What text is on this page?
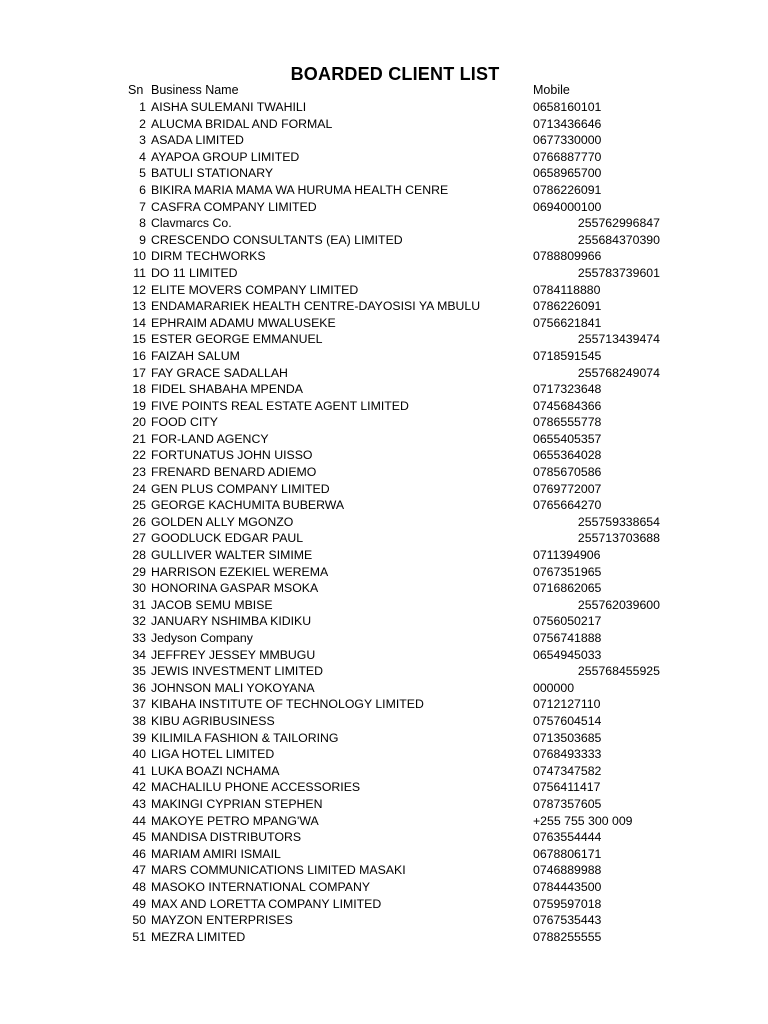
BOARDED CLIENT LIST
Sn Business Name	Mobile
1 AISHA SULEMANI TWAHILI	0658160101
2 ALUCMA BRIDAL AND FORMAL	0713436646
3 ASADA LIMITED	0677330000
4 AYAPOA GROUP LIMITED	0766887770
5 BATULI STATIONARY	0658965700
6 BIKIRA MARIA MAMA WA HURUMA HEALTH CENRE	0786226091
7 CASFRA COMPANY LIMITED	0694000100
8 Clavmarcs Co.	255762996847
9 CRESCENDO CONSULTANTS (EA) LIMITED	255684370390
10 DIRM TECHWORKS	0788809966
11 DO 11 LIMITED	255783739601
12 ELITE MOVERS COMPANY LIMITED	0784118880
13 ENDAMARARIEK HEALTH CENTRE-DAYOSISI YA MBULU	0786226091
14 EPHRAIM ADAMU MWALUSEKE	0756621841
15 ESTER GEORGE EMMANUEL	255713439474
16 FAIZAH SALUM	0718591545
17 FAY GRACE SADALLAH	255768249074
18 FIDEL SHABAHA MPENDA	0717323648
19 FIVE POINTS REAL ESTATE AGENT LIMITED	0745684366
20 FOOD CITY	0786555778
21 FOR-LAND AGENCY	0655405357
22 FORTUNATUS JOHN UISSO	0655364028
23 FRENARD BENARD ADIEMO	0785670586
24 GEN PLUS COMPANY LIMITED	0769772007
25 GEORGE KACHUMITA BUBERWA	0765664270
26 GOLDEN ALLY MGONZO	255759338654
27 GOODLUCK EDGAR PAUL	255713703688
28 GULLIVER WALTER SIMIME	0711394906
29 HARRISON EZEKIEL WEREMA	0767351965
30 HONORINA GASPAR MSOKA	0716862065
31 JACOB SEMU MBISE	255762039600
32 JANUARY NSHIMBA KIDIKU	0756050217
33 Jedyson Company	0756741888
34 JEFFREY JESSEY MMBUGU	0654945033
35 JEWIS INVESTMENT LIMITED	255768455925
36 JOHNSON MALI YOKOYANA	000000
37 KIBAHA INSTITUTE OF TECHNOLOGY LIMITED	0712127110
38 KIBU AGRIBUSINESS	0757604514
39 KILIMILA FASHION & TAILORING	0713503685
40 LIGA HOTEL LIMITED	0768493333
41 LUKA BOAZI NCHAMA	0747347582
42 MACHALILU PHONE ACCESSORIES	0756411417
43 MAKINGI CYPRIAN STEPHEN	0787357605
44 MAKOYE PETRO MPANG'WA	+255 755 300 009
45 MANDISA DISTRIBUTORS	0763554444
46 MARIAM AMIRI ISMAIL	0678806171
47 MARS COMMUNICATIONS LIMITED MASAKI	0746889988
48 MASOKO INTERNATIONAL COMPANY	0784443500
49 MAX AND LORETTA COMPANY LIMITED	0759597018
50 MAYZON ENTERPRISES	0767535443
51 MEZRA LIMITED	0788255555
